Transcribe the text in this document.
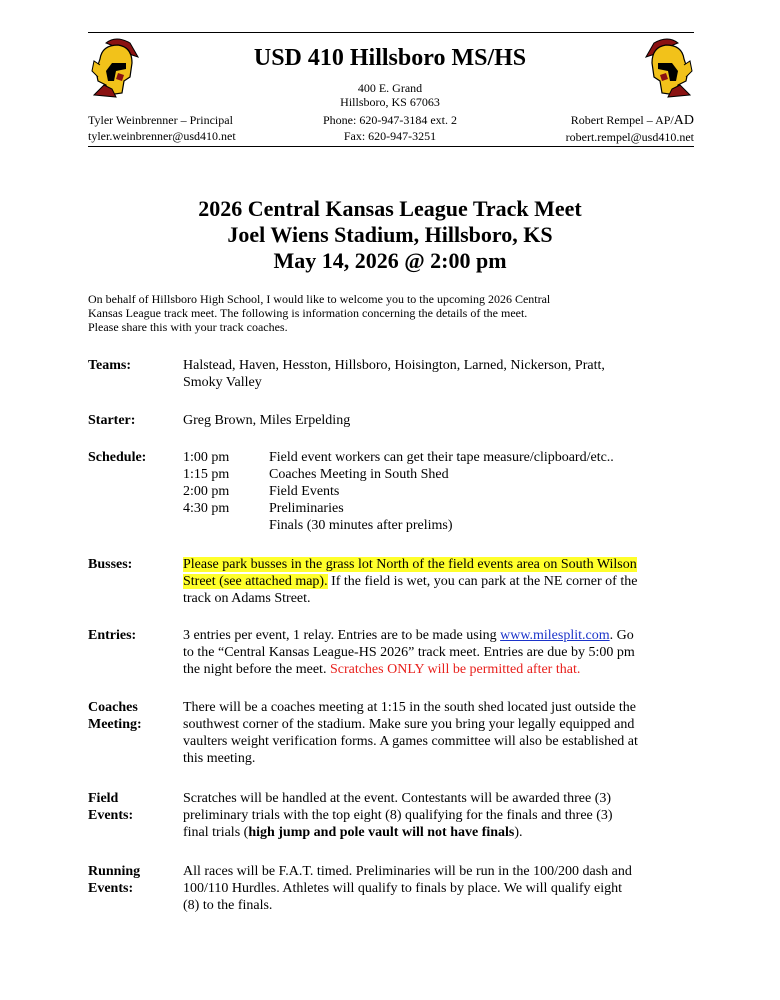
USD 410 Hillsboro MS/HS
400 E. Grand
Hillsboro, KS 67063
Tyler Weinbrenner – Principal
tyler.weinbrenner@usd410.net
Phone: 620-947-3184 ext. 2
Fax: 620-947-3251
Robert Rempel – AP/AD
robert.rempel@usd410.net
2026 Central Kansas League Track Meet
Joel Wiens Stadium, Hillsboro, KS
May 14, 2026 @ 2:00 pm
On behalf of Hillsboro High School, I would like to welcome you to the upcoming 2026 Central
Kansas League track meet. The following is information concerning the details of the meet.
Please share this with your track coaches.
Teams:	Halstead, Haven, Hesston, Hillsboro, Hoisington, Larned, Nickerson, Pratt,
Smoky Valley
Starter:	Greg Brown, Miles Erpelding
Schedule:	1:00 pm	Field event workers can get their tape measure/clipboard/etc..
1:15 pm	Coaches Meeting in South Shed
2:00 pm	Field Events
4:30 pm	Preliminaries
Finals (30 minutes after prelims)
Busses:	Please park busses in the grass lot North of the field events area on South Wilson
Street (see attached map). If the field is wet, you can park at the NE corner of the
track on Adams Street.
Entries:	3 entries per event, 1 relay. Entries are to be made using www.milesplit.com. Go
to the “Central Kansas League-HS 2026” track meet. Entries are due by 5:00 pm
the night before the meet. Scratches ONLY will be permitted after that.
Coaches
Meeting:
There will be a coaches meeting at 1:15 in the south shed located just outside the
southwest corner of the stadium. Make sure you bring your legally equipped and
vaulters weight verification forms. A games committee will also be established at
this meeting.
Field
Events:
Scratches will be handled at the event. Contestants will be awarded three (3)
preliminary trials with the top eight (8) qualifying for the finals and three (3)
final trials (high jump and pole vault will not have finals).
Running
Events:
All races will be F.A.T. timed. Preliminaries will be run in the 100/200 dash and
100/110 Hurdles. Athletes will qualify to finals by place. We will qualify eight
(8) to the finals.
